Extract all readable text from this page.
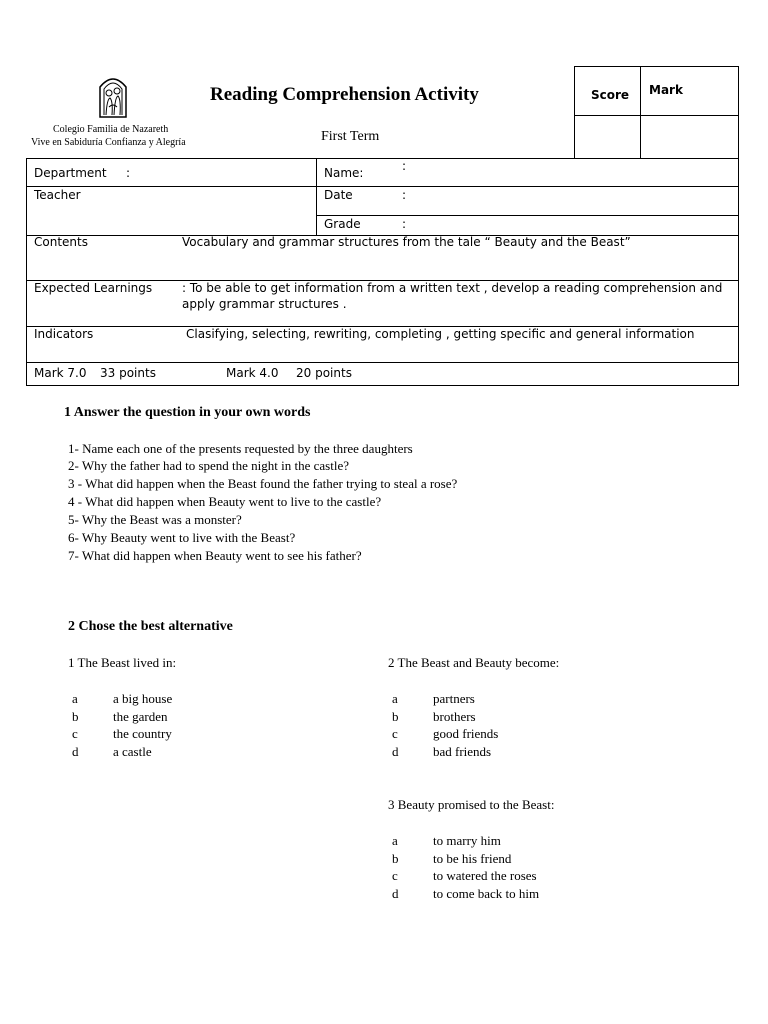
Reading Comprehension Activity
Colegio Familia de Nazareth
Vive en Sabiduría Confianza y Alegría	First Term
Score Mark
Department :	Name:	:
Teacher	Date	:
Grade	:
Contents	Vocabulary and grammar structures from the tale “ Beauty and the Beast”
Expected Learnings : To be able to get information from a written text , develop a reading comprehension and
apply grammar structures .
Indicators	Clasifying, selecting, rewriting, completing , getting specific and general information
Mark 7.0 33 points	Mark 4.0 20 points
1 Answer the question in your own words
1- Name each one of the presents requested by the three daughters
2- Why the father had to spend the night in the castle?
3 - What did happen when the Beast found the father trying to steal a rose?
4 - What did happen when Beauty went to live to the castle?
5- Why the Beast was a monster?
6- Why Beauty went to live with the Beast?
7- What did happen when Beauty went to see his father?
2 Chose the best alternative
1 The Beast lived in:
a	a big house
b	the garden
c	the country
d	a castle
2 The Beast and Beauty become:
a	partners
b	brothers
c	good friends
d	bad friends
3 Beauty promised to the Beast:
a	to marry him
b	to be his friend
c	to watered the roses
d	to come back to him
